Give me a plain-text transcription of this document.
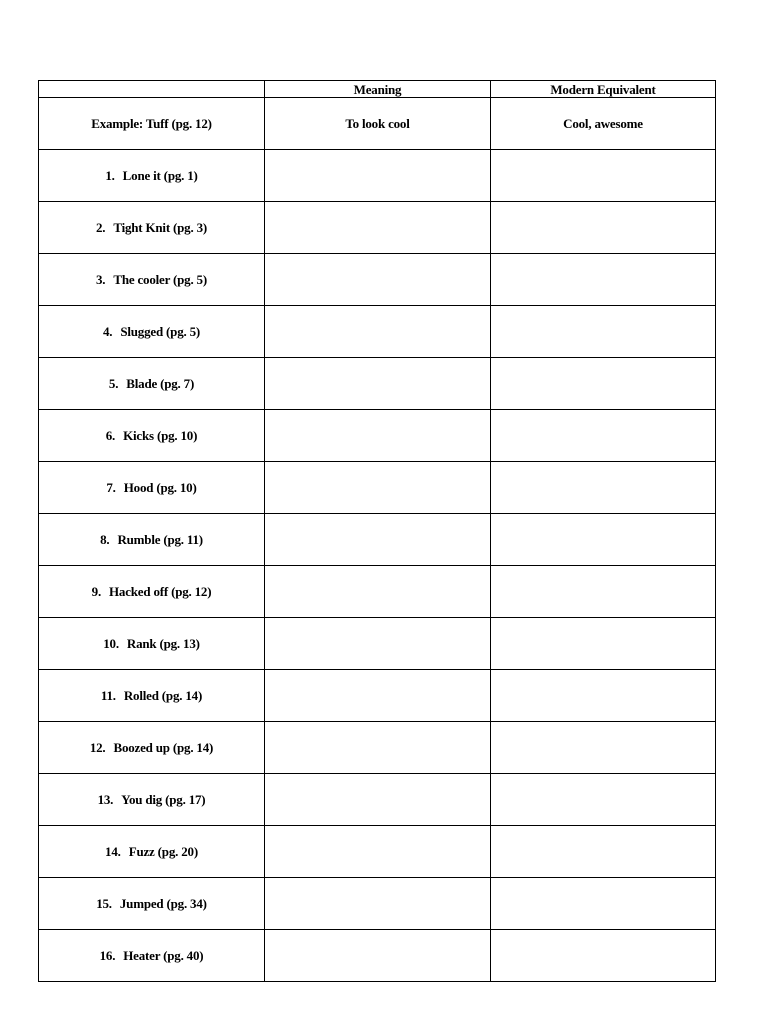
	Meaning	Modern Equivalent
Example: Tuff (pg. 12)	To look cool	Cool, awesome
1. Lone it (pg. 1)		
2. Tight Knit (pg. 3)		
3. The cooler (pg. 5)		
4. Slugged (pg. 5)		
5. Blade (pg. 7)		
6. Kicks (pg. 10)		
7. Hood (pg. 10)		
8. Rumble (pg. 11)		
9. Hacked off (pg. 12)		
10. Rank (pg. 13)		
11. Rolled (pg. 14)		
12. Boozed up (pg. 14)		
13. You dig (pg. 17)		
14. Fuzz (pg. 20)		
15. Jumped (pg. 34)		
16. Heater (pg. 40)		
